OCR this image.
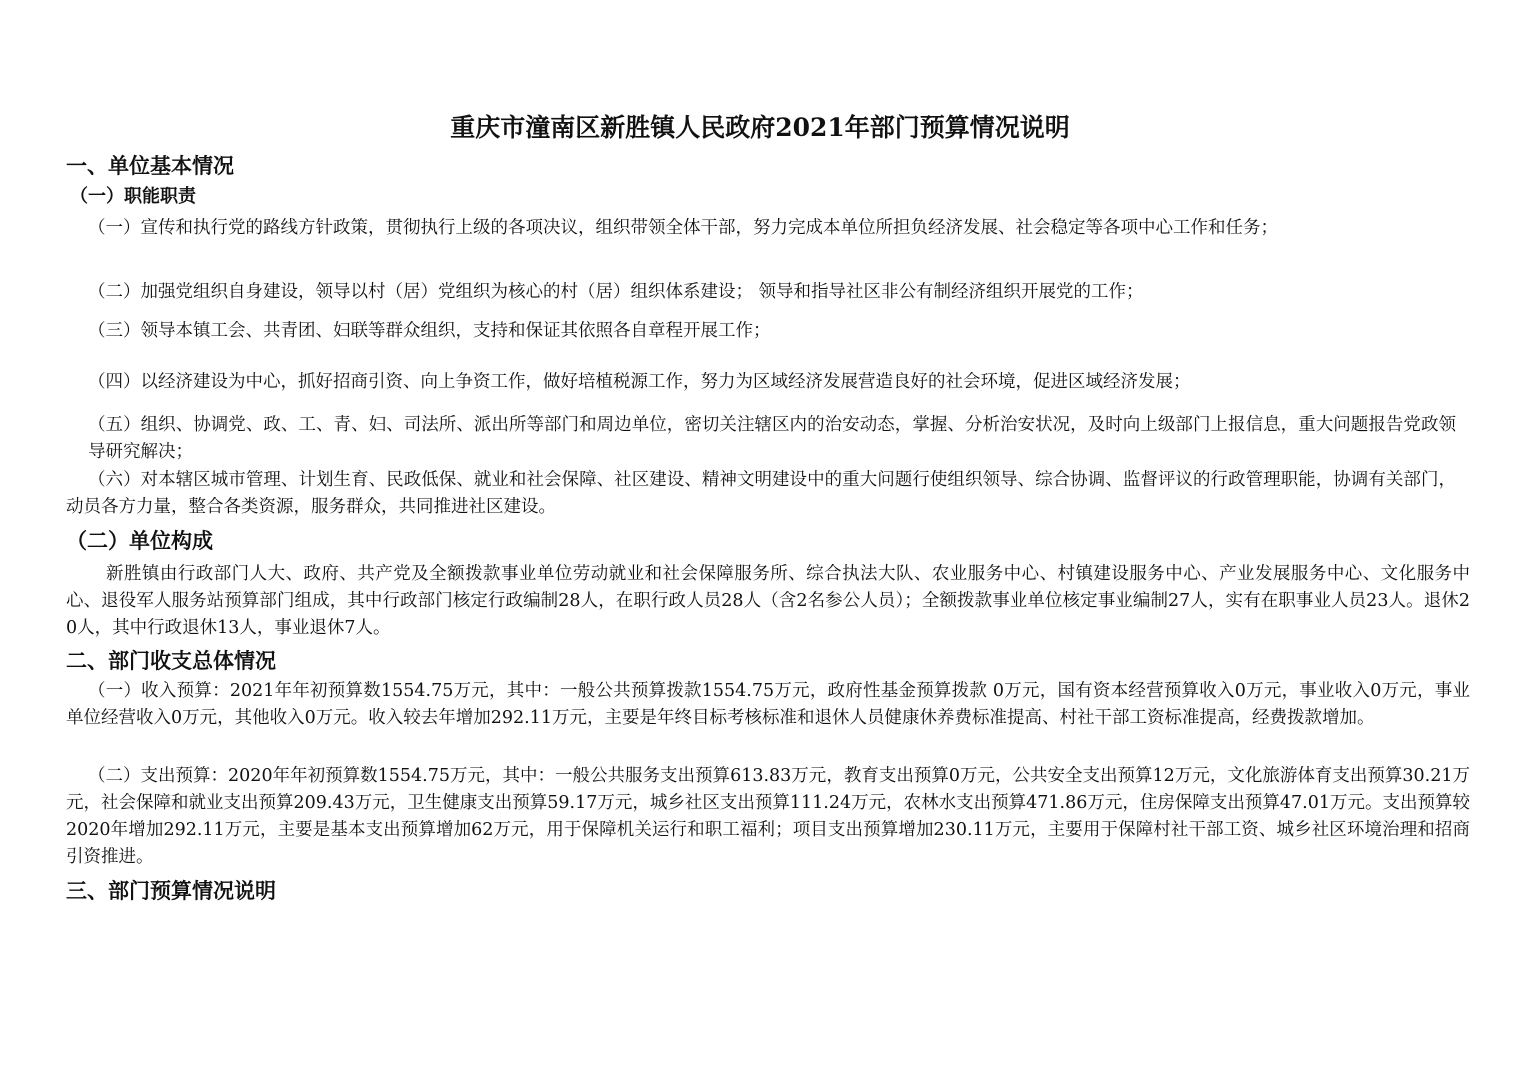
重庆市潼南区新胜镇人民政府2021年部门预算情况说明
一、单位基本情况
（一）职能职责
（一）宣传和执行党的路线方针政策，贯彻执行上级的各项决议，组织带领全体干部，努力完成本单位所担负经济发展、社会稳定等各项中心工作和任务；
（二）加强党组织自身建设，领导以村（居）党组织为核心的村（居）组织体系建设； 领导和指导社区非公有制经济组织开展党的工作；
（三）领导本镇工会、共青团、妇联等群众组织，支持和保证其依照各自章程开展工作；
（四）以经济建设为中心，抓好招商引资、向上争资工作，做好培植税源工作，努力为区域经济发展营造良好的社会环境，促进区域经济发展；
（五）组织、协调党、政、工、青、妇、司法所、派出所等部门和周边单位，密切关注辖区内的治安动态，掌握、分析治安状况，及时向上级部门上报信息，重大问题报告党政领导研究解决；
（六）对本辖区城市管理、计划生育、民政低保、就业和社会保障、社区建设、精神文明建设中的重大问题行使组织领导、综合协调、监督评议的行政管理职能，协调有关部门，动员各方力量，整合各类资源，服务群众，共同推进社区建设。
（二）单位构成
新胜镇由行政部门人大、政府、共产党及全额拨款事业单位劳动就业和社会保障服务所、综合执法大队、农业服务中心、村镇建设服务中心、产业发展服务中心、文化服务中心、退役军人服务站预算部门组成，其中行政部门核定行政编制28人，在职行政人员28人（含2名参公人员）；全额拨款事业单位核定事业编制27人，实有在职事业人员23人。退休20人，其中行政退休13人，事业退休7人。
二、部门收支总体情况
（一）收入预算：2021年年初预算数1554.75万元，其中：一般公共预算拨款1554.75万元，政府性基金预算拨款 0万元，国有资本经营预算收入0万元，事业收入0万元，事业单位经营收入0万元，其他收入0万元。收入较去年增加292.11万元，主要是年终目标考核标准和退休人员健康休养费标准提高、村社干部工资标准提高，经费拨款增加。
（二）支出预算：2020年年初预算数1554.75万元，其中：一般公共服务支出预算613.83万元，教育支出预算0万元，公共安全支出预算12万元，文化旅游体育支出预算30.21万元，社会保障和就业支出预算209.43万元，卫生健康支出预算59.17万元，城乡社区支出预算111.24万元，农林水支出预算471.86万元，住房保障支出预算47.01万元。支出预算较2020年增加292.11万元，主要是基本支出预算增加62万元，用于保障机关运行和职工福利；项目支出预算增加230.11万元，主要用于保障村社干部工资、城乡社区环境治理和招商引资推进。
三、部门预算情况说明
